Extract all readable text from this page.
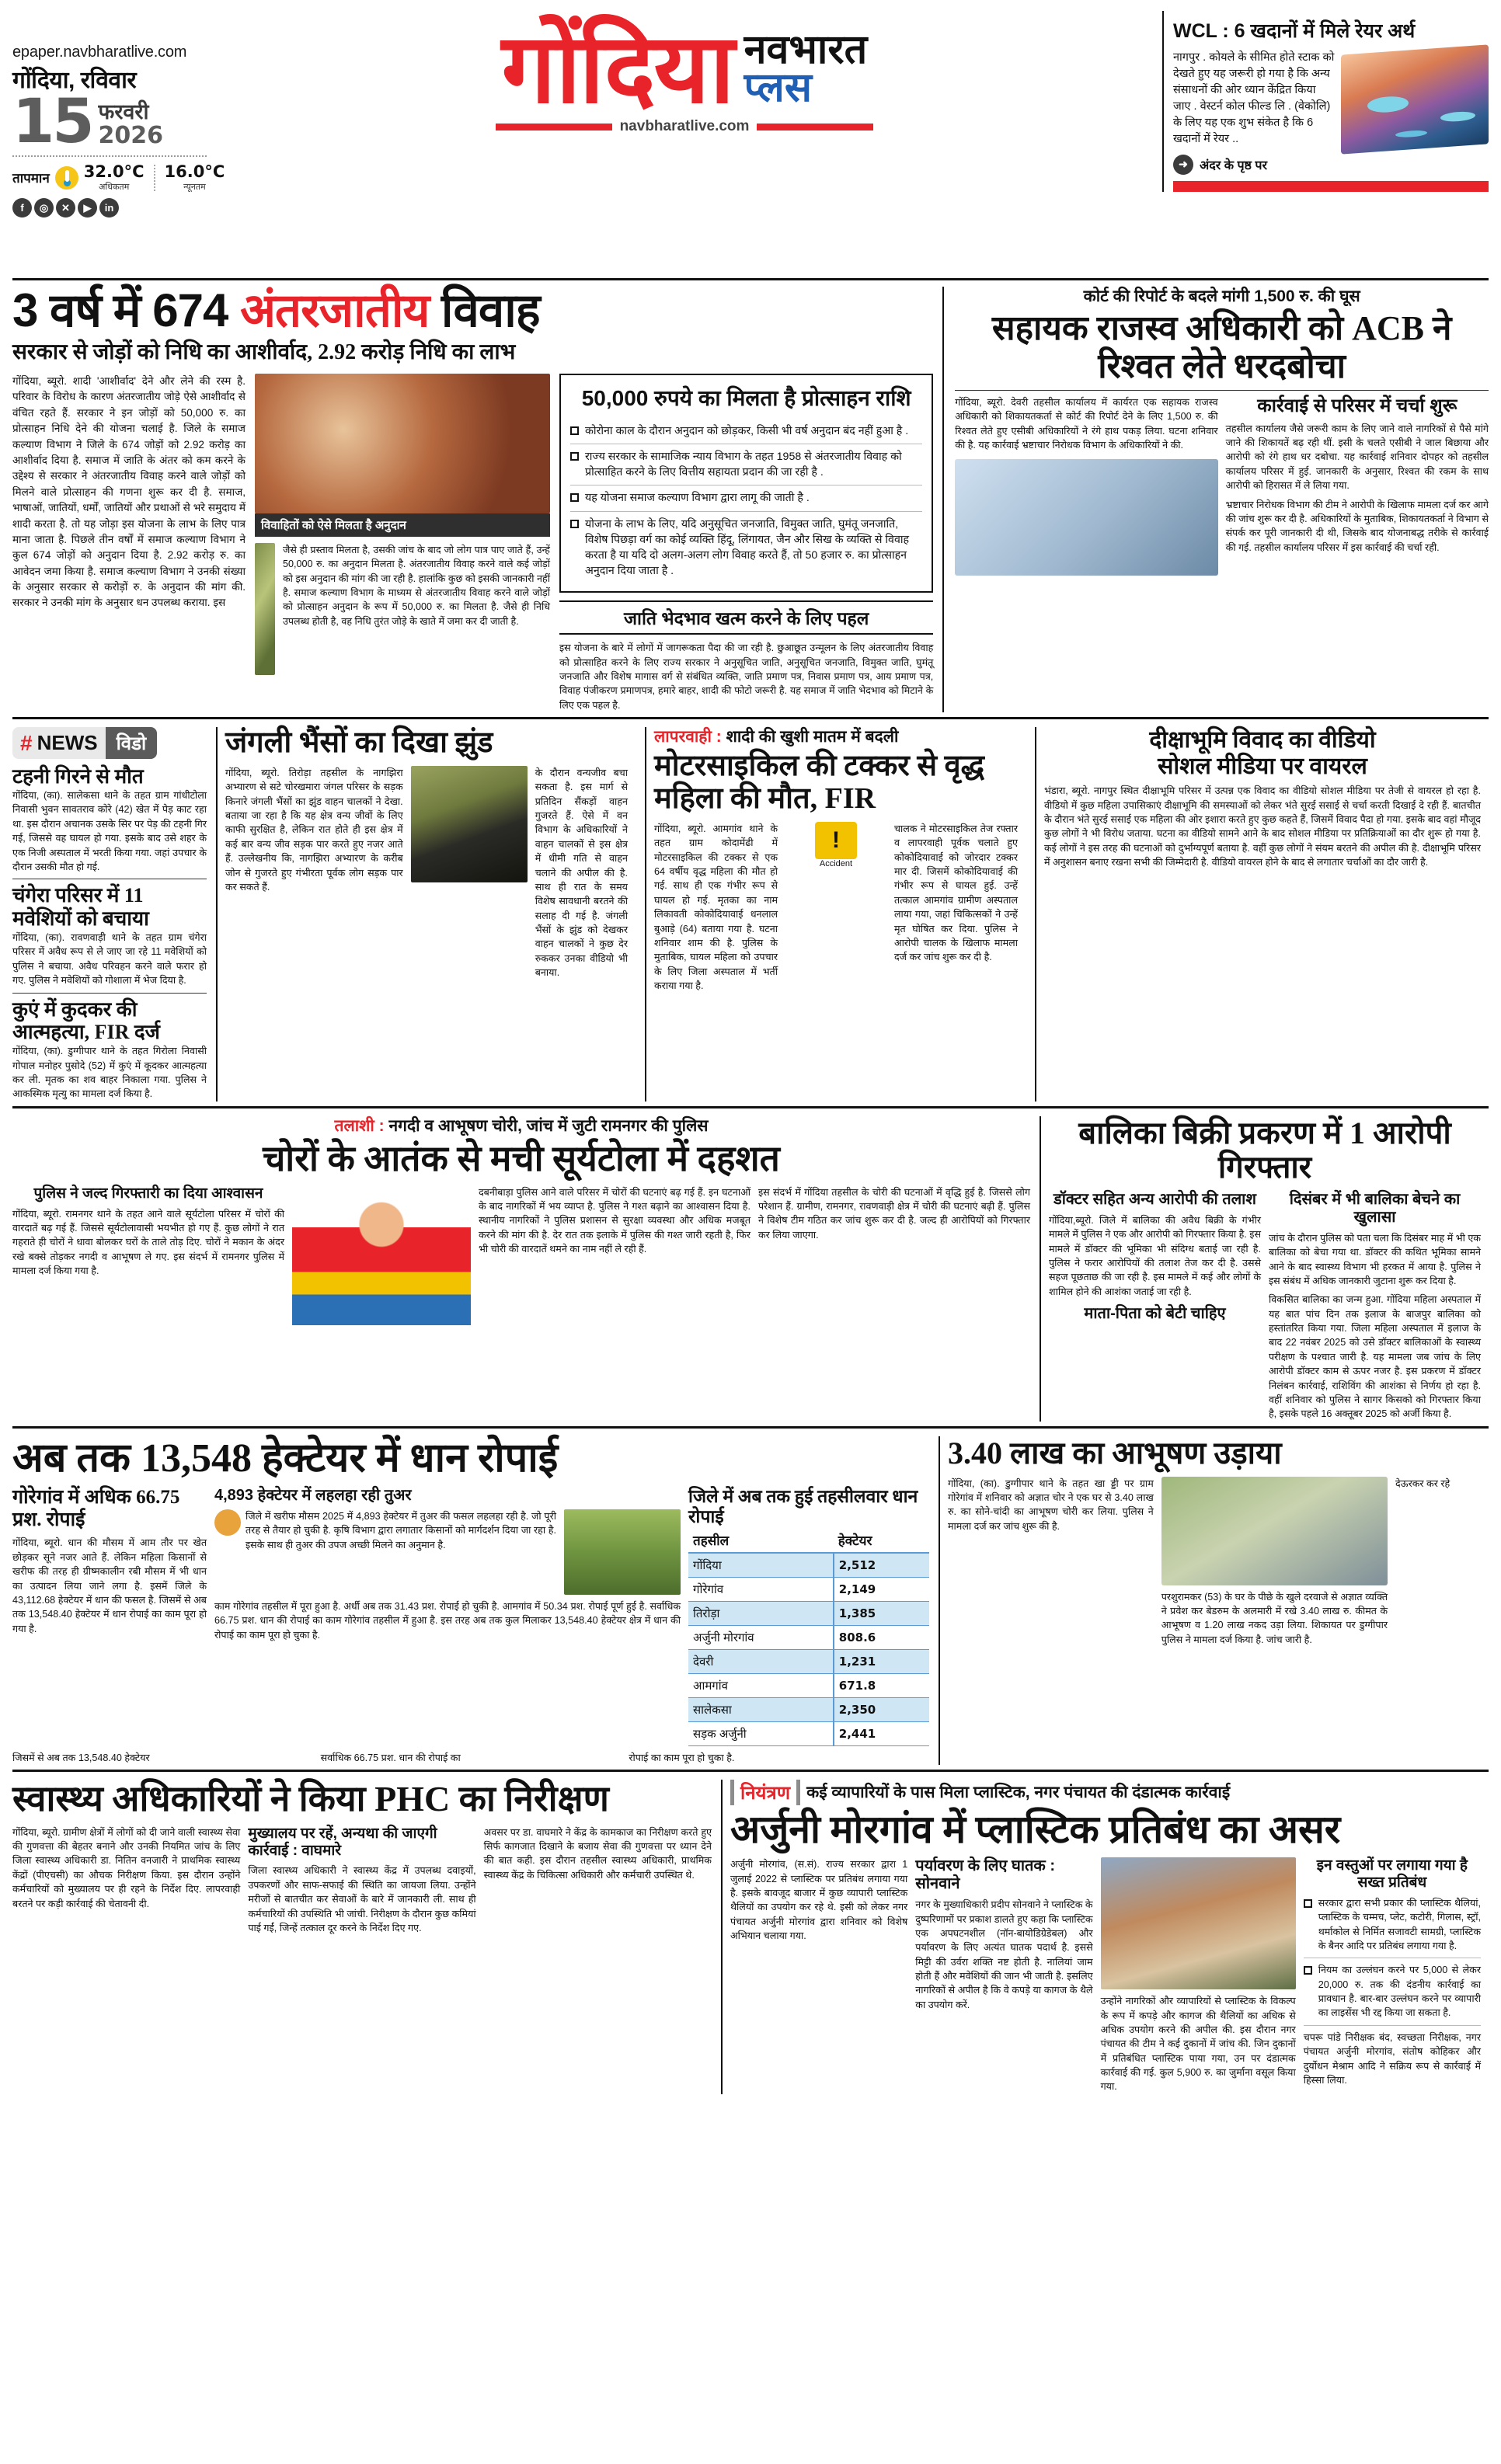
epaper.navbharatlive.com
गोंदिया, रविवार
15 फरवरी
2026
तापमान 32.0°C
अधिकतम
16.0°C
न्यूनतम
f	◎	✕	▶	in
गोंदिया नवभारत
प्लस
navbharatlive.com
WCL : 6 खदानों में मिले रेयर अर्थ
नागपुर . कोयले के सीमित होते स्टाक को देखते हुए यह जरूरी हो गया है कि अन्य संसाधनों की ओर ध्यान केंद्रित किया जाए . वेस्टर्न कोल फील्ड लि . (वेकोलि) के लिए यह एक शुभ संकेत है कि 6 खदानों में रेयर ..
➜ अंदर के पृष्ठ पर
3 वर्ष में 674 अंतरजातीय विवाह
सरकार से जोड़ों को निधि का आशीर्वाद, 2.92 करोड़ निधि का लाभ
गोंदिया, ब्यूरो. शादी 'आशीर्वाद' देने और लेने की रस्म है. परिवार के विरोध के कारण अंतरजातीय जोड़े ऐसे आशीर्वाद से वंचित रहते हैं. सरकार ने इन जोड़ों को 50,000 रु. का प्रोत्साहन निधि देने की योजना चलाई है. जिले के समाज कल्याण विभाग ने जिले के 674 जोड़ों को 2.92 करोड़ का आशीर्वाद दिया है. समाज में जाति के अंतर को कम करने के उद्देश्य से सरकार ने अंतरजातीय विवाह करने वाले जोड़ों को मिलने वाले प्रोत्साहन की गणना शुरू कर दी है. समाज, भाषाओं, जातियों, धर्मों, जातियों और प्रथाओं से भरे समुदाय में शादी करता है. तो यह जोड़ा इस योजना के लाभ के लिए पात्र माना जाता है. पिछले तीन वर्षों में समाज कल्याण विभाग ने कुल 674 जोड़ों को अनुदान दिया है. 2.92 करोड़ रु. का आवेदन जमा किया है. समाज कल्याण विभाग ने उनकी संख्या के अनुसार सरकार से करोड़ों रु. के अनुदान की मांग की. सरकार ने उनकी मांग के अनुसार धन उपलब्ध कराया. इस
विवाहितों को ऐसे मिलता है अनुदान
जैसे ही प्रस्ताव मिलता है, उसकी जांच के बाद जो लोग पात्र पाए जाते हैं, उन्हें 50,000 रु. का अनुदान मिलता है. अंतरजातीय विवाह करने वाले कई जोड़ों को इस अनुदान की मांग की जा रही है. हालांकि कुछ को इसकी जानकारी नहीं है. समाज कल्याण विभाग के माध्यम से अंतरजातीय विवाह करने वाले जोड़ों को प्रोत्साहन अनुदान के रूप में 50,000 रु. का मिलता है. जैसे ही निधि उपलब्ध होती है, वह निधि तुरंत जोड़े के खाते में जमा कर दी जाती है.
50,000 रुपये का मिलता है प्रोत्साहन राशि
कोरोना काल के दौरान अनुदान को छोड़कर, किसी भी वर्ष अनुदान बंद नहीं हुआ है .
राज्य सरकार के सामाजिक न्याय विभाग के तहत 1958 से अंतरजातीय विवाह को प्रोत्साहित करने के लिए वित्तीय सहायता प्रदान की जा रही है .
यह योजना समाज कल्याण विभाग द्वारा लागू की जाती है .
योजना के लाभ के लिए, यदि अनुसूचित जनजाति, विमुक्त जाति, घुमंतू जनजाति, विशेष पिछड़ा वर्ग का कोई व्यक्ति हिंदू, लिंगायत, जैन और सिख के व्यक्ति से विवाह करता है या यदि दो अलग-अलग लोग विवाह करते हैं, तो 50 हजार रु. का प्रोत्साहन अनुदान दिया जाता है .
जाति भेदभाव खत्म करने के लिए पहल
इस योजना के बारे में लोगों में जागरूकता पैदा की जा रही है. छुआछूत उन्मूलन के लिए अंतरजातीय विवाह को प्रोत्साहित करने के लिए राज्य सरकार ने अनुसूचित जाति, अनुसूचित जनजाति, विमुक्त जाति, घुमंतू जनजाति और विशेष मागास वर्ग से संबंधित व्यक्ति, जाति प्रमाण पत्र, निवास प्रमाण पत्र, आय प्रमाण पत्र, विवाह पंजीकरण प्रमाणपत्र, हमारे बाहर, शादी की फोटो जरूरी है. यह समाज में जाति भेदभाव को मिटाने के लिए एक पहल है.
कोर्ट की रिपोर्ट के बदले मांगी 1,500 रु. की घूस
सहायक राजस्व अधिकारी को ACB ने रिश्वत लेते धरदबोचा
गोंदिया, ब्यूरो. देवरी तहसील कार्यालय में कार्यरत एक सहायक राजस्व अधिकारी को शिकायतकर्ता से कोर्ट की रिपोर्ट देने के लिए 1,500 रु. की रिश्वत लेते हुए एसीबी अधिकारियों ने रंगे हाथ पकड़ लिया. घटना शनिवार की है. यह कार्रवाई भ्रष्टाचार निरोधक विभाग के अधिकारियों ने की.
कार्रवाई से परिसर में चर्चा शुरू
तहसील कार्यालय जैसे जरूरी काम के लिए जाने वाले नागरिकों से पैसे मांगे जाने की शिकायतें बढ़ रही थीं. इसी के चलते एसीबी ने जाल बिछाया और आरोपी को रंगे हाथ धर दबोचा. यह कार्रवाई शनिवार दोपहर को तहसील कार्यालय परिसर में हुई. जानकारी के अनुसार, रिश्वत की रकम के साथ आरोपी को हिरासत में ले लिया गया.
भ्रष्टाचार निरोधक विभाग की टीम ने आरोपी के खिलाफ मामला दर्ज कर आगे की जांच शुरू कर दी है. अधिकारियों के मुताबिक, शिकायतकर्ता ने विभाग से संपर्क कर पूरी जानकारी दी थी, जिसके बाद योजनाबद्ध तरीके से कार्रवाई की गई. तहसील कार्यालय परिसर में इस कार्रवाई की चर्चा रही.
# NEWS	विडो
टहनी गिरने से मौत
गोंदिया, (का). सालेकसा थाने के तहत ग्राम गांधीटोला निवासी भुवन सावतराव कोरे (42) खेत में पेड़ काट रहा था. इस दौरान अचानक उसके सिर पर पेड़ की टहनी गिर गई, जिससे वह घायल हो गया. इसके बाद उसे शहर के एक निजी अस्पताल में भरती किया गया. जहां उपचार के दौरान उसकी मौत हो गई.
चंगेरा परिसर में 11 मवेशियों को बचाया
गोंदिया, (का). रावणवाड़ी थाने के तहत ग्राम चंगेरा परिसर में अवैध रूप से ले जाए जा रहे 11 मवेशियों को पुलिस ने बचाया. अवैध परिवहन करने वाले फरार हो गए. पुलिस ने मवेशियों को गोशाला में भेज दिया है.
कुएं में कुदकर की आत्महत्या, FIR दर्ज
गोंदिया, (का). डुग्गीपार थाने के तहत गिरोला निवासी गोपाल मनोहर पुसोदे (52) में कुएं में कूदकर आत्महत्या कर ली. मृतक का शव बाहर निकाला गया. पुलिस ने आकस्मिक मृत्यु का मामला दर्ज किया है.
जंगली भैंसों का दिखा झुंड
गोंदिया, ब्यूरो. तिरोड़ा तहसील के नागझिरा अभ्यारण से सटे चोरखमारा जंगल परिसर के सड़क किनारे जंगली भैंसों का झुंड वाहन चालकों ने देखा. बताया जा रहा है कि यह क्षेत्र वन्य जीवों के लिए काफी सुरक्षित है, लेकिन रात होते ही इस क्षेत्र में कई बार वन्य जीव सड़क पार करते हुए नजर आते हैं. उल्लेखनीय कि, नागझिरा अभ्यारण के करीब जोन से गुजरते हुए गंभीरता पूर्वक लोग सड़क पार कर सकते हैं.
के दौरान वन्यजीव बचा सकता है. इस मार्ग से प्रतिदिन सैंकड़ों वाहन गुजरते हैं. ऐसे में वन विभाग के अधिकारियों ने वाहन चालकों से इस क्षेत्र में धीमी गति से वाहन चलाने की अपील की है. साथ ही रात के समय विशेष सावधानी बरतने की सलाह दी गई है. जंगली भैंसों के झुंड को देखकर वाहन चालकों ने कुछ देर रुककर उनका वीडियो भी बनाया.
लापरवाही : शादी की खुशी मातम में बदली
मोटरसाइकिल की टक्कर से वृद्ध महिला की मौत, FIR
गोंदिया, ब्यूरो. आमगांव थाने के तहत ग्राम कोदामेंढी में मोटरसाइकिल की टक्कर से एक 64 वर्षीय वृद्ध महिला की मौत हो गई. साथ ही एक गंभीर रूप से घायल हो गई. मृतका का नाम लिकावती कोकोदियावाई धनलाल बुआड़े (64) बताया गया है. घटना शनिवार शाम की है. पुलिस के मुताबिक, घायल महिला को उपचार के लिए जिला अस्पताल में भर्ती कराया गया है.
!
Accident
चालक ने मोटरसाइकिल तेज रफ्तार व लापरवाही पूर्वक चलाते हुए कोकोदियावाई को जोरदार टक्कर मार दी. जिसमें कोकोदियावाई की गंभीर रूप से घायल हुई. उन्हें तत्काल आमगांव ग्रामीण अस्पताल लाया गया, जहां चिकित्सकों ने उन्हें मृत घोषित कर दिया. पुलिस ने आरोपी चालक के खिलाफ मामला दर्ज कर जांच शुरू कर दी है.
दीक्षाभूमि विवाद का वीडियो
सोशल मीडिया पर वायरल
भंडारा, ब्यूरो. नागपुर स्थित दीक्षाभूमि परिसर में उत्पन्न एक विवाद का वीडियो सोशल मीडिया पर तेजी से वायरल हो रहा है. वीडियो में कुछ महिला उपासिकाएं दीक्षाभूमि की समस्याओं को लेकर भंते सुरई ससाई से चर्चा करती दिखाई दे रही हैं. बातचीत के दौरान भंते सुरई ससाई एक महिला की ओर इशारा करते हुए कुछ कहते हैं, जिसमें विवाद पैदा हो गया. इसके बाद वहां मौजूद कुछ लोगों ने भी विरोध जताया. घटना का वीडियो सामने आने के बाद सोशल मीडिया पर प्रतिक्रियाओं का दौर शुरू हो गया है. कई लोगों ने इस तरह की घटनाओं को दुर्भाग्यपूर्ण बताया है. वहीं कुछ लोगों ने संयम बरतने की अपील की है. दीक्षाभूमि परिसर में अनुशासन बनाए रखना सभी की जिम्मेदारी है. वीडियो वायरल होने के बाद से लगातार चर्चाओं का दौर जारी है.
तलाशी : नगदी व आभूषण चोरी, जांच में जुटी रामनगर की पुलिस
चोरों के आतंक से मची सूर्यटोला में दहशत
पुलिस ने जल्द गिरफ्तारी का दिया आश्वासन
गोंदिया, ब्यूरो. रामनगर थाने के तहत आने वाले सूर्यटोला परिसर में चोरों की वारदातें बढ़ गई हैं. जिससे सूर्यटोलावासी भयभीत हो गए हैं. कुछ लोगों ने रात गहराते ही चोरों ने धावा बोलकर घरों के ताले तोड़ दिए. चोरों ने मकान के अंदर रखे बक्से तोड़कर नगदी व आभूषण ले गए. इस संदर्भ में रामनगर पुलिस में मामला दर्ज किया गया है.
दबनीबाड़ा पुलिस आने वाले परिसर में चोरों की घटनाएं बढ़ गई हैं. इन घटनाओं के बाद नागरिकों में भय व्याप्त है. पुलिस ने गश्त बढ़ाने का आश्वासन दिया है. स्थानीय नागरिकों ने पुलिस प्रशासन से सुरक्षा व्यवस्था और अधिक मजबूत करने की मांग की है. देर रात तक इलाके में पुलिस की गश्त जारी रहती है, फिर भी चोरी की वारदातें थमने का नाम नहीं ले रही हैं.
इस संदर्भ में गोंदिया तहसील के चोरी की घटनाओं में वृद्धि हुई है. जिससे लोग परेशान हैं. ग्रामीण, रामनगर, रावणवाड़ी क्षेत्र में चोरी की घटनाएं बढ़ी हैं. पुलिस ने विशेष टीम गठित कर जांच शुरू कर दी है. जल्द ही आरोपियों को गिरफ्तार कर लिया जाएगा.
बालिका बिक्री प्रकरण में 1 आरोपी गिरफ्तार
डॉक्टर सहित अन्य आरोपी की तलाश
गोंदिया,ब्यूरो. जिले में बालिका की अवैध बिक्री के गंभीर मामले में पुलिस ने एक और आरोपी को गिरफ्तार किया है. इस मामले में डॉक्टर की भूमिका भी संदिग्ध बताई जा रही है. पुलिस ने फरार आरोपियों की तलाश तेज कर दी है. उससे सहज पूछताछ की जा रही है. इस मामले में कई और लोगों के शामिल होने की आशंका जताई जा रही है.
माता-पिता को बेटी चाहिए
दिसंबर में भी बालिका बेचने का खुलासा
जांच के दौरान पुलिस को पता चला कि दिसंबर माह में भी एक बालिका को बेचा गया था. डॉक्टर की कथित भूमिका सामने आने के बाद स्वास्थ्य विभाग भी हरकत में आया है. पुलिस ने इस संबंध में अधिक जानकारी जुटाना शुरू कर दिया है.
विकसित बालिका का जन्म हुआ. गोंदिया महिला अस्पताल में यह बात पांच दिन तक इलाज के बाजपुर बालिका को हस्तांतरित किया गया. जिला महिला अस्पताल में इलाज के बाद 22 नवंबर 2025 को उसे डॉक्टर बालिकाओं के स्वास्थ्य परीक्षण के पश्चात जारी है. यह मामला जब जांच के लिए आरोपी डॉक्टर काम से ऊपर नजर है. इस प्रकरण में डॉक्टर निलंबन कार्रवाई, राशिविंग की आशंका से निर्णय हो रहा है. वहीं शनिवार को पुलिस ने सागर किसको को गिरफ्तार किया है, इसके पहले 16 अक्तूबर 2025 को अर्जी किया है.
अब तक 13,548 हेक्टेयर में धान रोपाई
गोरेगांव में अधिक 66.75 प्रश. रोपाई
गोंदिया, ब्यूरो. धान की मौसम में आम तौर पर खेत छोड़कर सूने नजर आते हैं. लेकिन महिला किसानों से खरीफ की तरह ही ग्रीष्मकालीन रबी मौसम में भी धान का उत्पादन लिया जाने लगा है. इसमें जिले के 43,112.68 हेक्टेयर में धान की फसल है. जिसमें से अब तक 13,548.40 हेक्टेयर में धान रोपाई का काम पूरा हो गया है.
4,893 हेक्टेयर में लहलहा रही तुअर
जिले में खरीफ मौसम 2025 में 4,893 हेक्टेयर में तुअर की फसल लहलहा रही है. जो पूरी तरह से तैयार हो चुकी है. कृषि विभाग द्वारा लगातार किसानों को मार्गदर्शन दिया जा रहा है. इसके साथ ही तुअर की उपज अच्छी मिलने का अनुमान है.
काम गोरेगांव तहसील में पूरा हुआ है. अर्धी अब तक 31.43 प्रश. रोपाई हो चुकी है. आमगांव में 50.34 प्रश. रोपाई पूर्ण हुई है. सर्वाधिक 66.75 प्रश. धान की रोपाई का काम गोरेगांव तहसील में हुआ है. इस तरह अब तक कुल मिलाकर 13,548.40 हेक्टेयर क्षेत्र में धान की रोपाई का काम पूरा हो चुका है.
जिले में अब तक हुई तहसीलवार धान रोपाई
तहसील	हेक्टेयर
गोंदिया	2,512
गोरेगांव	2,149
तिरोड़ा	1,385
अर्जुनी मोरगांव	808.6
देवरी	1,231
आमगांव	671.8
सालेकसा	2,350
सड़क अर्जुनी	2,441
जिसमें से अब तक 13,548.40 हेक्टेयर	सर्वाधिक 66.75 प्रश. धान की रोपाई का	रोपाई का काम पूरा हो चुका है.
3.40 लाख का आभूषण उड़ाया
गोंदिया, (का). डुग्गीपार थाने के तहत खा ड्डी पर ग्राम गोरेगांव में शनिवार को अज्ञात चोर ने एक घर से 3.40 लाख रु. का सोने-चांदी का आभूषण चोरी कर लिया. पुलिस ने मामला दर्ज कर जांच शुरू की है.
परशुरामकर (53) के घर के पीछे के खुले दरवाजे से अज्ञात व्यक्ति ने प्रवेश कर बेडरुम के अलमारी में रखे 3.40 लाख रु. कीमत के आभूषण व 1.20 लाख नकद उड़ा लिया. शिकायत पर डुग्गीपार पुलिस ने मामला दर्ज किया है. जांच जारी है.
देऊरकर कर रहे
स्वास्थ्य अधिकारियों ने किया PHC का निरीक्षण
गोंदिया, ब्यूरो. ग्रामीण क्षेत्रों में लोगों को दी जाने वाली स्वास्थ्य सेवा की गुणवत्ता की बेहतर बनाने और उनकी नियमित जांच के लिए जिला स्वास्थ्य अधिकारी डा. नितिन वनजारी ने प्राथमिक स्वास्थ्य केंद्रों (पीएचसी) का औचक निरीक्षण किया. इस दौरान उन्होंने कर्मचारियों को मुख्यालय पर ही रहने के निर्देश दिए. लापरवाही बरतने पर कड़ी कार्रवाई की चेतावनी दी.
मुख्यालय पर रहें, अन्यथा की जाएगी कार्रवाई : वाघमारे
जिला स्वास्थ्य अधिकारी ने स्वास्थ्य केंद्र में उपलब्ध दवाइयों, उपकरणों और साफ-सफाई की स्थिति का जायजा लिया. उन्होंने मरीजों से बातचीत कर सेवाओं के बारे में जानकारी ली. साथ ही कर्मचारियों की उपस्थिति भी जांची. निरीक्षण के दौरान कुछ कमियां पाई गईं, जिन्हें तत्काल दूर करने के निर्देश दिए गए.
अवसर पर डा. वाघमारे ने केंद्र के कामकाज का निरीक्षण करते हुए सिर्फ कागजात दिखाने के बजाय सेवा की गुणवत्ता पर ध्यान देने की बात कही. इस दौरान तहसील स्वास्थ्य अधिकारी, प्राथमिक स्वास्थ्य केंद्र के चिकित्सा अधिकारी और कर्मचारी उपस्थित थे.
नियंत्रण	कई व्यापारियों के पास मिला प्लास्टिक, नगर पंचायत की दंडात्मक कार्रवाई
अर्जुनी मोरगांव में प्लास्टिक प्रतिबंध का असर
अर्जुनी मोरगांव, (स.सं). राज्य सरकार द्वारा 1 जुलाई 2022 से प्लास्टिक पर प्रतिबंध लगाया गया है. इसके बावजूद बाजार में कुछ व्यापारी प्लास्टिक थैलियों का उपयोग कर रहे थे. इसी को लेकर नगर पंचायत अर्जुनी मोरगांव द्वारा शनिवार को विशेष अभियान चलाया गया.
पर्यावरण के लिए घातक : सोनवाने
नगर के मुख्याधिकारी प्रदीप सोनवाने ने प्लास्टिक के दुष्परिणामों पर प्रकाश डालते हुए कहा कि प्लास्टिक एक अपघटनशील (नॉन-बायोडिग्रेडेबल) और पर्यावरण के लिए अत्यंत घातक पदार्थ है. इससे मिट्टी की उर्वरा शक्ति नष्ट होती है. नालियां जाम होती हैं और मवेशियों की जान भी जाती है. इसलिए नागरिकों से अपील है कि वे कपड़े या कागज के थैले का उपयोग करें.	उन्होंने नागरिकों और व्यापारियों से प्लास्टिक के विकल्प के रूप में कपड़े और कागज की थैलियों का अधिक से अधिक उपयोग करने की अपील की. इस दौरान नगर पंचायत की टीम ने कई दुकानों में जांच की. जिन दुकानों में प्रतिबंधित प्लास्टिक पाया गया, उन पर दंडात्मक कार्रवाई की गई. कुल 5,900 रु. का जुर्माना वसूल किया गया.
इन वस्तुओं पर लगाया गया है सख्त प्रतिबंध
सरकार द्वारा सभी प्रकार की प्लास्टिक थैलियां, प्लास्टिक के चम्मच, प्लेट, कटोरी, गिलास, स्ट्रॉ, थर्माकोल से निर्मित सजावटी सामग्री, प्लास्टिक के बैनर आदि पर प्रतिबंध लगाया गया है.
नियम का उल्लंघन करने पर 5,000 से लेकर 20,000 रु. तक की दंडनीय कार्रवाई का प्रावधान है. बार-बार उल्लंघन करने पर व्यापारी का लाइसेंस भी रद्द किया जा सकता है.
चपरू पांडे निरीक्षक बंद, स्वच्छता निरीक्षक, नगर पंचायत अर्जुनी मोरगांव, संतोष कोहिकर और दुर्योधन मेश्राम आदि ने सक्रिय रूप से कार्रवाई में हिस्सा लिया.
